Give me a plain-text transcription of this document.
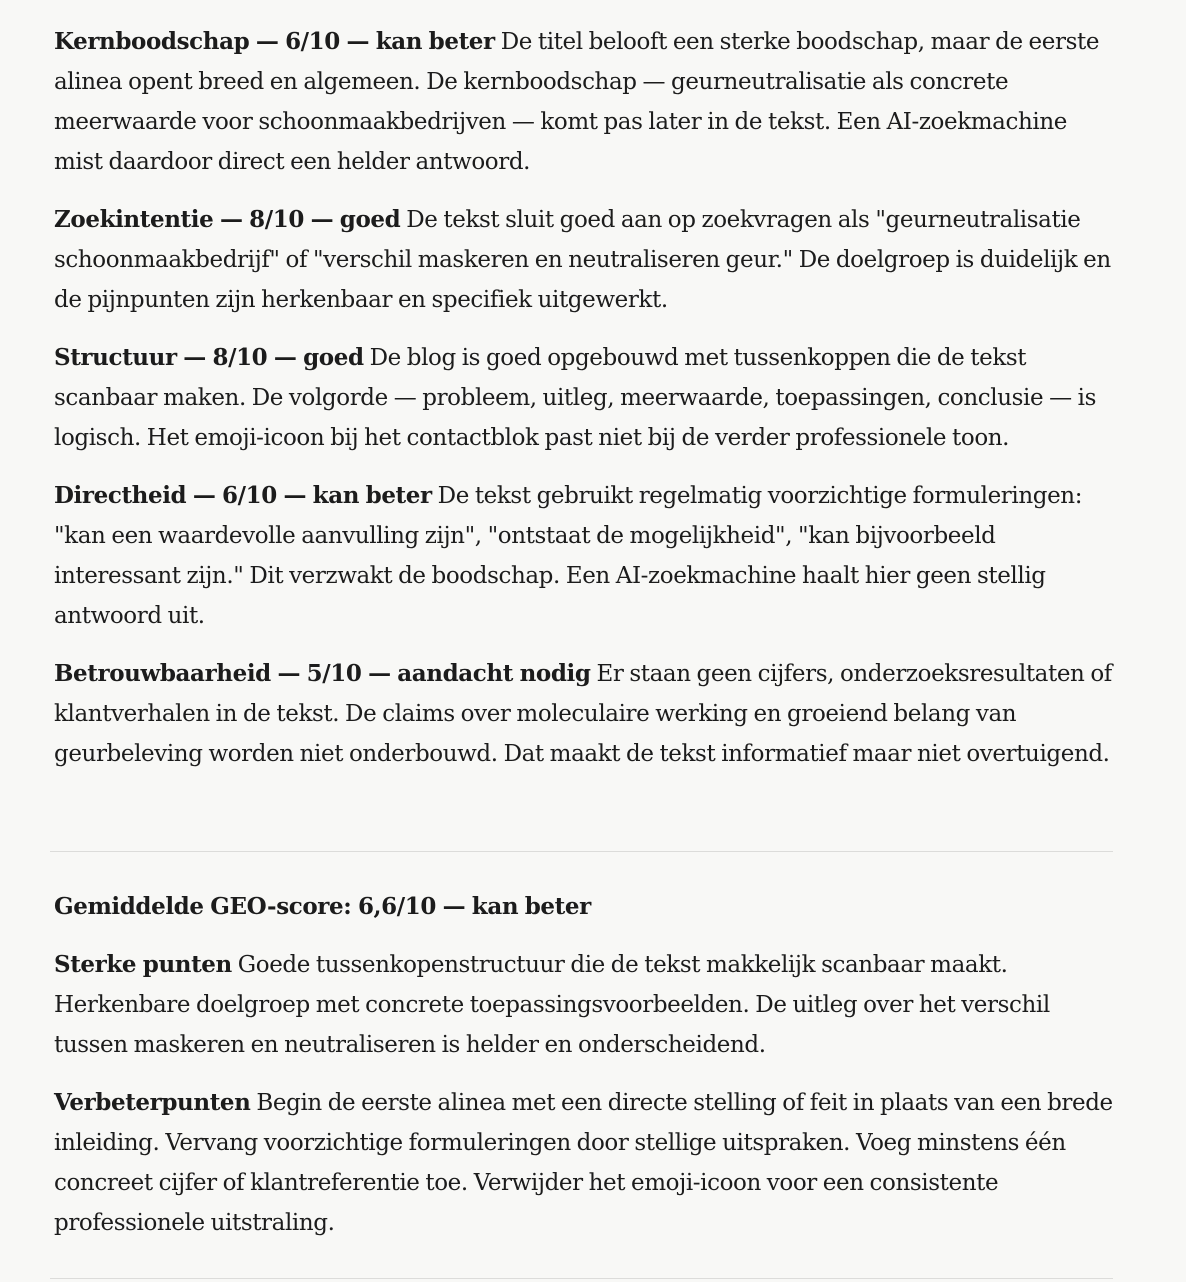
Kernboodschap — 6/10 — kan beter De titel belooft een sterke boodschap, maar de eerste alinea opent breed en algemeen. De kernboodschap — geurneutralisatie als concrete meerwaarde voor schoonmaakbedrijven — komt pas later in de tekst. Een AI-zoekmachine mist daardoor direct een helder antwoord.

Zoekintentie — 8/10 — goed De tekst sluit goed aan op zoekvragen als "geurneutralisatie schoonmaakbedrijf" of "verschil maskeren en neutraliseren geur." De doelgroep is duidelijk en de pijnpunten zijn herkenbaar en specifiek uitgewerkt.

Structuur — 8/10 — goed De blog is goed opgebouwd met tussenkoppen die de tekst scanbaar maken. De volgorde — probleem, uitleg, meerwaarde, toepassingen, conclusie — is logisch. Het emoji-icoon bij het contactblok past niet bij de verder professionele toon.

Directheid — 6/10 — kan beter De tekst gebruikt regelmatig voorzichtige formuleringen: "kan een waardevolle aanvulling zijn", "ontstaat de mogelijkheid", "kan bijvoorbeeld interessant zijn." Dit verzwakt de boodschap. Een AI-zoekmachine haalt hier geen stellig antwoord uit.

Betrouwbaarheid — 5/10 — aandacht nodig Er staan geen cijfers, onderzoeksresultaten of klantverhalen in de tekst. De claims over moleculaire werking en groeiend belang van geurbeleving worden niet onderbouwd. Dat maakt de tekst informatief maar niet overtuigend.

Gemiddelde GEO-score: 6,6/10 — kan beter

Sterke punten Goede tussenkopenstructuur die de tekst makkelijk scanbaar maakt. Herkenbare doelgroep met concrete toepassingsvoorbeelden. De uitleg over het verschil tussen maskeren en neutraliseren is helder en onderscheidend.

Verbeterpunten Begin de eerste alinea met een directe stelling of feit in plaats van een brede inleiding. Vervang voorzichtige formuleringen door stellige uitspraken. Voeg minstens één concreet cijfer of klantreferentie toe. Verwijder het emoji-icoon voor een consistente professionele uitstraling.
